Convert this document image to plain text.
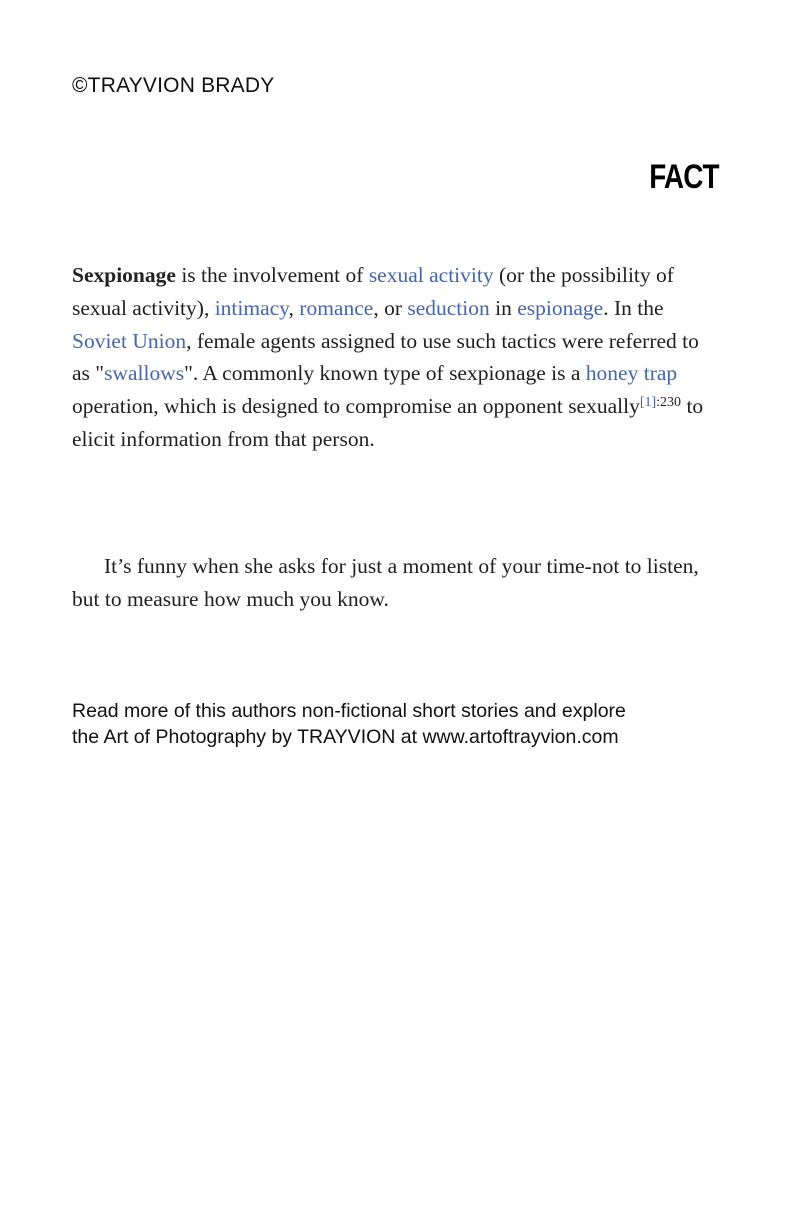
©TRAYVION BRADY

FACT

Sexpionage is the involvement of sexual activity (or the possibility of sexual activity), intimacy, romance, or seduction in espionage. In the Soviet Union, female agents assigned to use such tactics were referred to as "swallows". A commonly known type of sexpionage is a honey trap operation, which is designed to compromise an opponent sexually$^{[1]:230}$ to elicit information from that person.

It’s funny when she asks for just a moment of your time-not to listen, but to measure how much you know.

Read more of this authors non-fictional short stories and explore
the Art of Photography by TRAYVION at www.artoftrayvion.com
